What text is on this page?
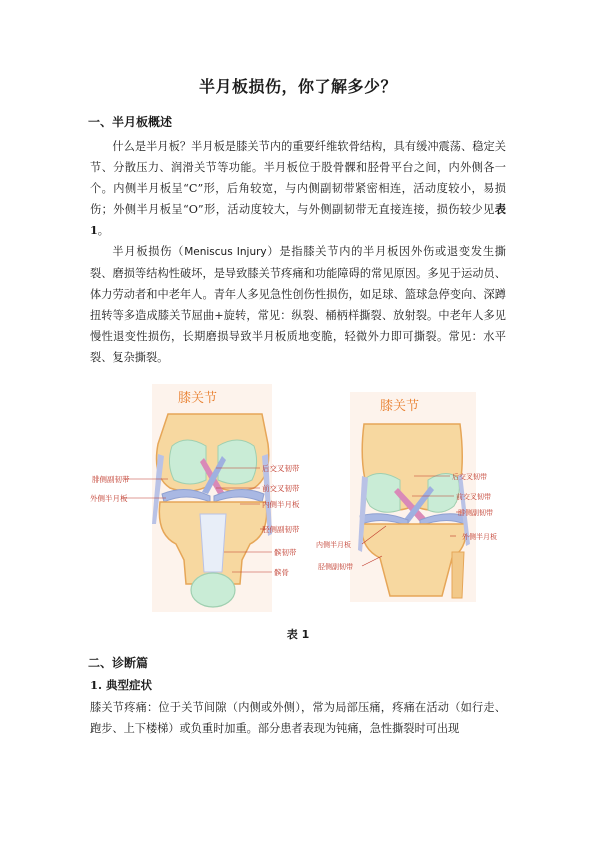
半月板损伤，你了解多少？
一、半月板概述

什么是半月板？半月板是膝关节内的重要纤维软骨结构，具有缓冲震荡、稳定关节、分散压力、润滑关节等功能。半月板位于股骨髁和胫骨平台之间，内外侧各一个。内侧半月板呈“C”形，后角较宽，与内侧副韧带紧密相连，活动度较小，易损伤；外侧半月板呈“O”形，活动度较大，与外侧副韧带无直接连接，损伤较少见表 1。

半月板损伤（Meniscus Injury）是指膝关节内的半月板因外伤或退变发生撕裂、磨损等结构性破坏，是导致膝关节疼痛和功能障碍的常见原因。多见于运动员、体力劳动者和中老年人。青年人多见急性创伤性损伤，如足球、篮球急停变向、深蹲扭转等多造成膝关节屈曲+旋转，常见：纵裂、桶柄样撕裂、放射裂。中老年人多见慢性退变性损伤，长期磨损导致半月板质地变脆，轻微外力即可撕裂。常见：水平裂、复杂撕裂。

膝关节
腓侧副韧带
外侧半月板
后交叉韧带
前交叉韧带
内侧半月板
胫侧副韧带
髌韧带
髌骨
膝关节
后交叉韧带
前交叉韧带
腓侧副韧带
外侧半月板
内侧半月板
胫侧副韧带
表 1
二、诊断篇
1. 典型症状

膝关节疼痛：位于关节间隙（内侧或外侧），常为局部压痛，疼痛在活动（如行走、跑步、上下楼梯）或负重时加重。部分患者表现为钝痛，急性撕裂时可出现
